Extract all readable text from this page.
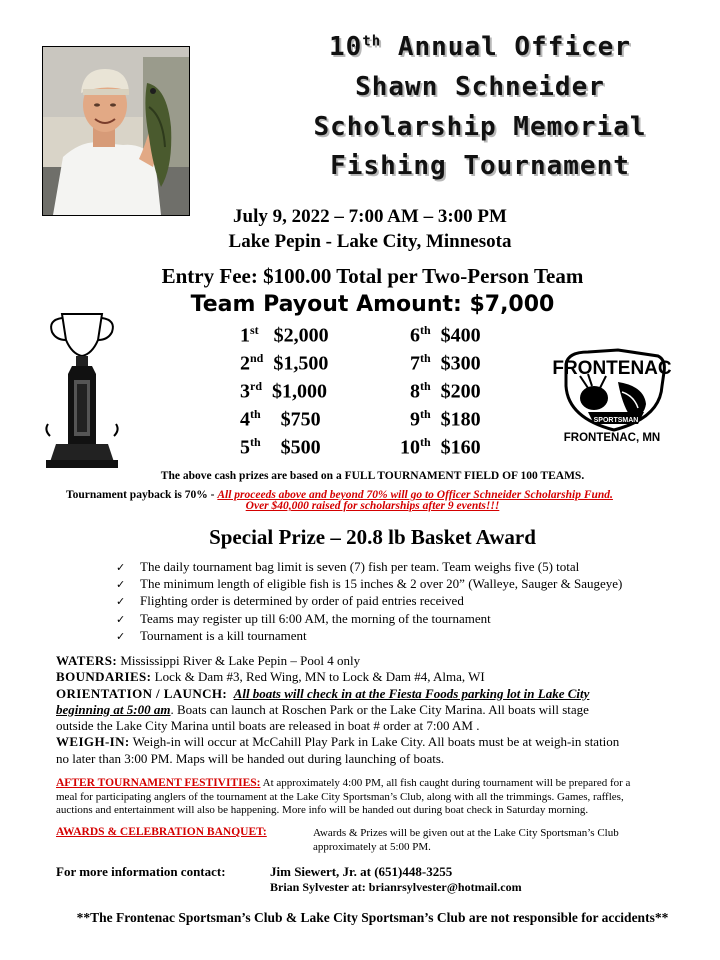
10th Annual Officer
Shawn Schneider
Scholarship Memorial
Fishing Tournament
July 9, 2022 – 7:00 AM – 3:00 PM
Lake Pepin - Lake City, Minnesota
Entry Fee: $100.00 Total per Two-Person Team
Team Payout Amount: $7,000
1st $2,000
2nd $1,500
3rd $1,000
4th $750
5th $500
6th $400
7th $300
8th $200
9th $180
10th $160
FRONTENAC
SPORTSMAN
FRONTENAC, MN
The above cash prizes are based on a FULL TOURNAMENT FIELD OF 100 TEAMS.
Tournament payback is 70% - All proceeds above and beyond 70% will go to Officer Schneider Scholarship Fund.
Over $40,000 raised for scholarships after 9 events!!!
Special Prize – 20.8 lb Basket Award
✓ The daily tournament bag limit is seven (7) fish per team. Team weighs five (5) total
✓ The minimum length of eligible fish is 15 inches & 2 over 20” (Walleye, Sauger & Saugeye)
✓ Flighting order is determined by order of paid entries received
✓ Teams may register up till 6:00 AM, the morning of the tournament
✓ Tournament is a kill tournament
WATERS: Mississippi River & Lake Pepin – Pool 4 only
BOUNDARIES: Lock & Dam #3, Red Wing, MN to Lock & Dam #4, Alma, WI
ORIENTATION / LAUNCH: All boats will check in at the Fiesta Foods parking lot in Lake City
beginning at 5:00 am. Boats can launch at Roschen Park or the Lake City Marina. All boats will stage
outside the Lake City Marina until boats are released in boat # order at 7:00 AM .
WEIGH-IN: Weigh-in will occur at McCahill Play Park in Lake City. All boats must be at weigh-in station
no later than 3:00 PM. Maps will be handed out during launching of boats.
AFTER TOURNAMENT FESTIVITIES: At approximately 4:00 PM, all fish caught during tournament will be prepared for a
meal for participating anglers of the tournament at the Lake City Sportsman’s Club, along with all the trimmings. Games, raffles,
auctions and entertainment will also be happening. More info will be handed out during boat check in Saturday morning.
AWARDS & CELEBRATION BANQUET:	Awards & Prizes will be given out at the Lake City Sportsman’s Club
approximately at 5:00 PM.
For more information contact:	Jim Siewert, Jr. at (651)448-3255
Brian Sylvester at: brianrsylvester@hotmail.com
**The Frontenac Sportsman’s Club & Lake City Sportsman’s Club are not responsible for accidents**
